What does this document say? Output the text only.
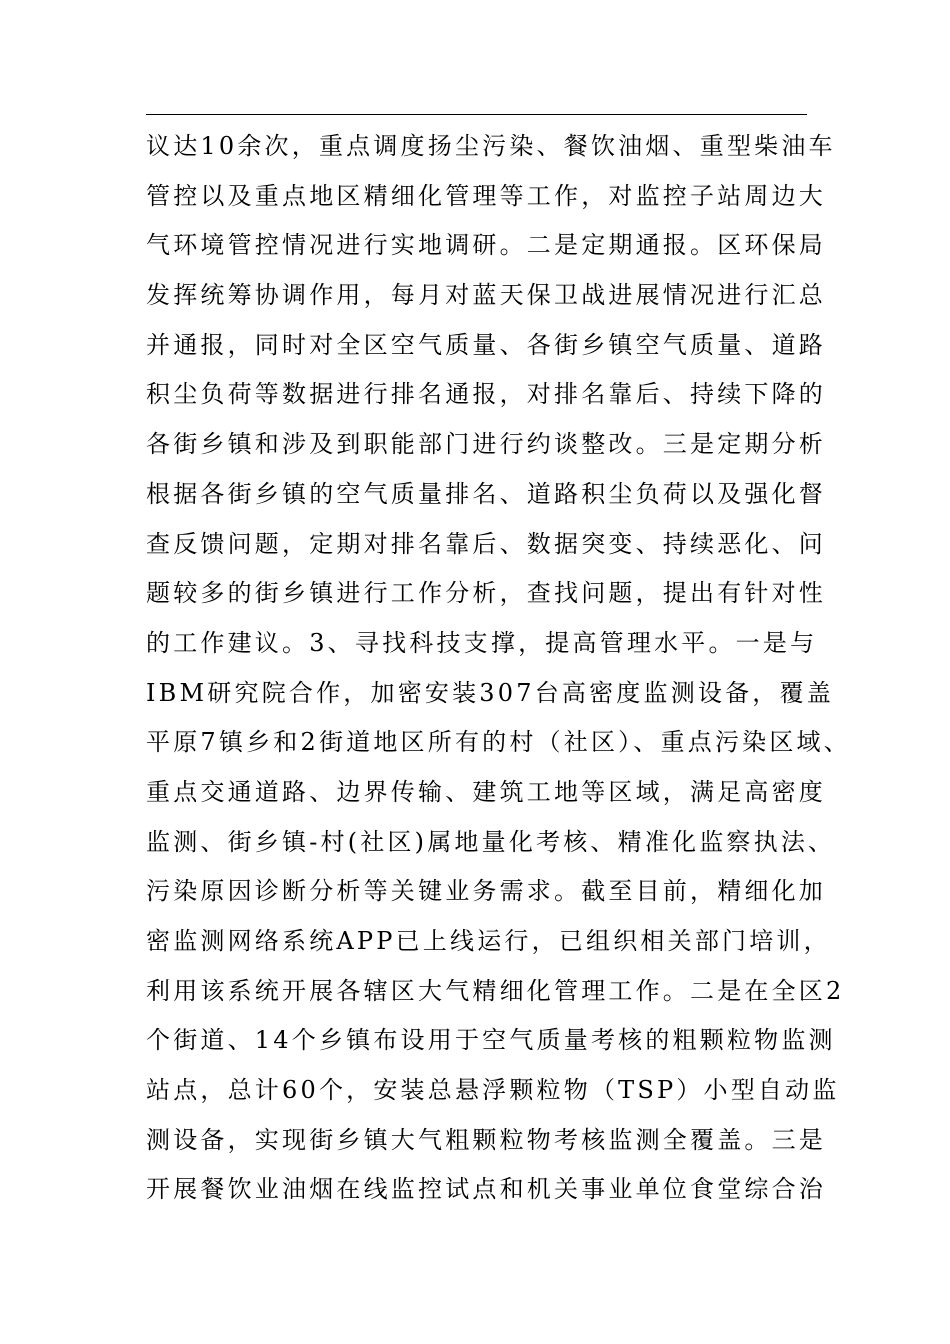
议达10余次，重点调度扬尘污染、餐饮油烟、重型柴油车
管控以及重点地区精细化管理等工作，对监控子站周边大
气环境管控情况进行实地调研。二是定期通报。区环保局
发挥统筹协调作用，每月对蓝天保卫战进展情况进行汇总
并通报，同时对全区空气质量、各街乡镇空气质量、道路
积尘负荷等数据进行排名通报，对排名靠后、持续下降的
各街乡镇和涉及到职能部门进行约谈整改。三是定期分析
根据各街乡镇的空气质量排名、道路积尘负荷以及强化督
查反馈问题，定期对排名靠后、数据突变、持续恶化、问
题较多的街乡镇进行工作分析，查找问题，提出有针对性
的工作建议。3、寻找科技支撑，提高管理水平。一是与
IBM研究院合作，加密安装307台高密度监测设备，覆盖
平原7镇乡和2街道地区所有的村（社区）、重点污染区域、
重点交通道路、边界传输、建筑工地等区域，满足高密度
监测、街乡镇-村(社区)属地量化考核、精准化监察执法、
污染原因诊断分析等关键业务需求。截至目前，精细化加
密监测网络系统APP已上线运行，已组织相关部门培训，
利用该系统开展各辖区大气精细化管理工作。二是在全区2
个街道、14个乡镇布设用于空气质量考核的粗颗粒物监测
站点，总计60个，安装总悬浮颗粒物（TSP）小型自动监
测设备，实现街乡镇大气粗颗粒物考核监测全覆盖。三是
开展餐饮业油烟在线监控试点和机关事业单位食堂综合治
